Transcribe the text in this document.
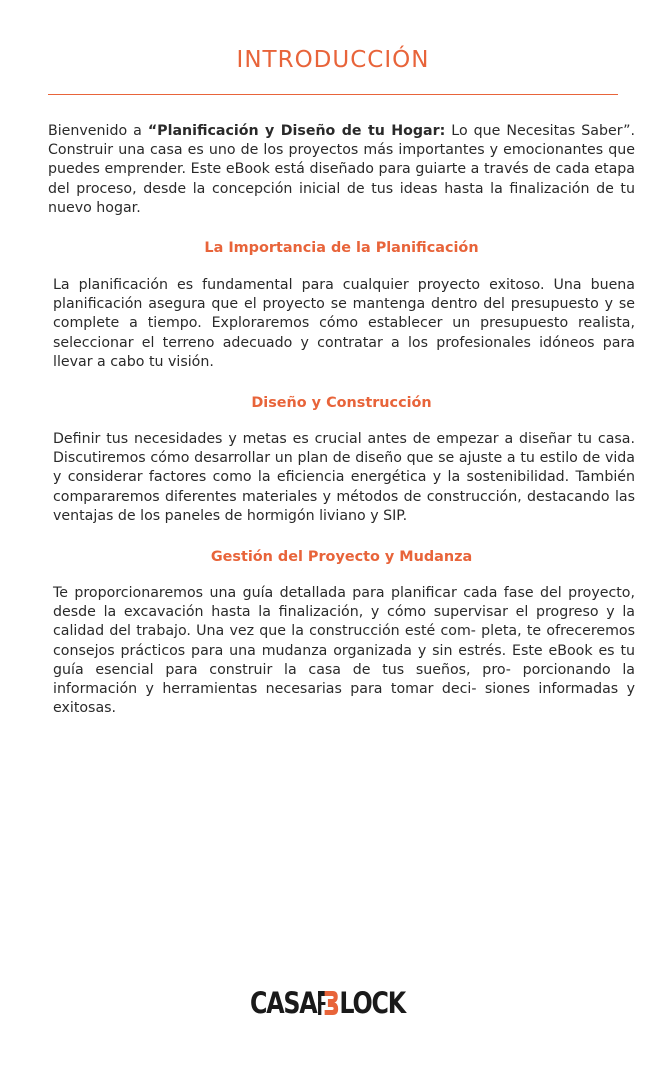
INTRODUCCIÓN

Bienvenido a “Planificación y Diseño de tu Hogar: Lo que Necesitas Saber”. Construir una casa es uno de los proyectos más importantes y emocionantes que puedes emprender. Este eBook está diseñado para guiarte a través de cada etapa del proceso, desde la concepción inicial de tus ideas hasta la finalización de tu nuevo hogar.

La Importancia de la Planificación

La planificación es fundamental para cualquier proyecto exitoso. Una buena planificación asegura que el proyecto se mantenga dentro del presupuesto y se complete a tiempo. Exploraremos cómo establecer un presupuesto realista, seleccionar el terreno adecuado y contratar a los profesionales idóneos para llevar a cabo tu visión.

Diseño y Construcción

Definir tus necesidades y metas es crucial antes de empezar a diseñar tu casa. Discutiremos cómo desarrollar un plan de diseño que se ajuste a tu estilo de vida y considerar factores como la eficiencia energética y la sostenibilidad. También compararemos diferentes materiales y métodos de construcción, destacando las ventajas de los paneles de hormigón liviano y SIP.

Gestión del Proyecto y Mudanza

Te proporcionaremos una guía detallada para planificar cada fase del proyecto, desde la excavación hasta la finalización, y cómo supervisar el progreso y la calidad del trabajo. Una vez que la construcción esté com- pleta, te ofreceremos consejos prácticos para una mudanza organizada y sin estrés. Este eBook es tu guía esencial para construir la casa de tus sueños, pro- porcionando la información y herramientas necesarias para tomar deci- siones informadas y exitosas.

CASA LOCK
